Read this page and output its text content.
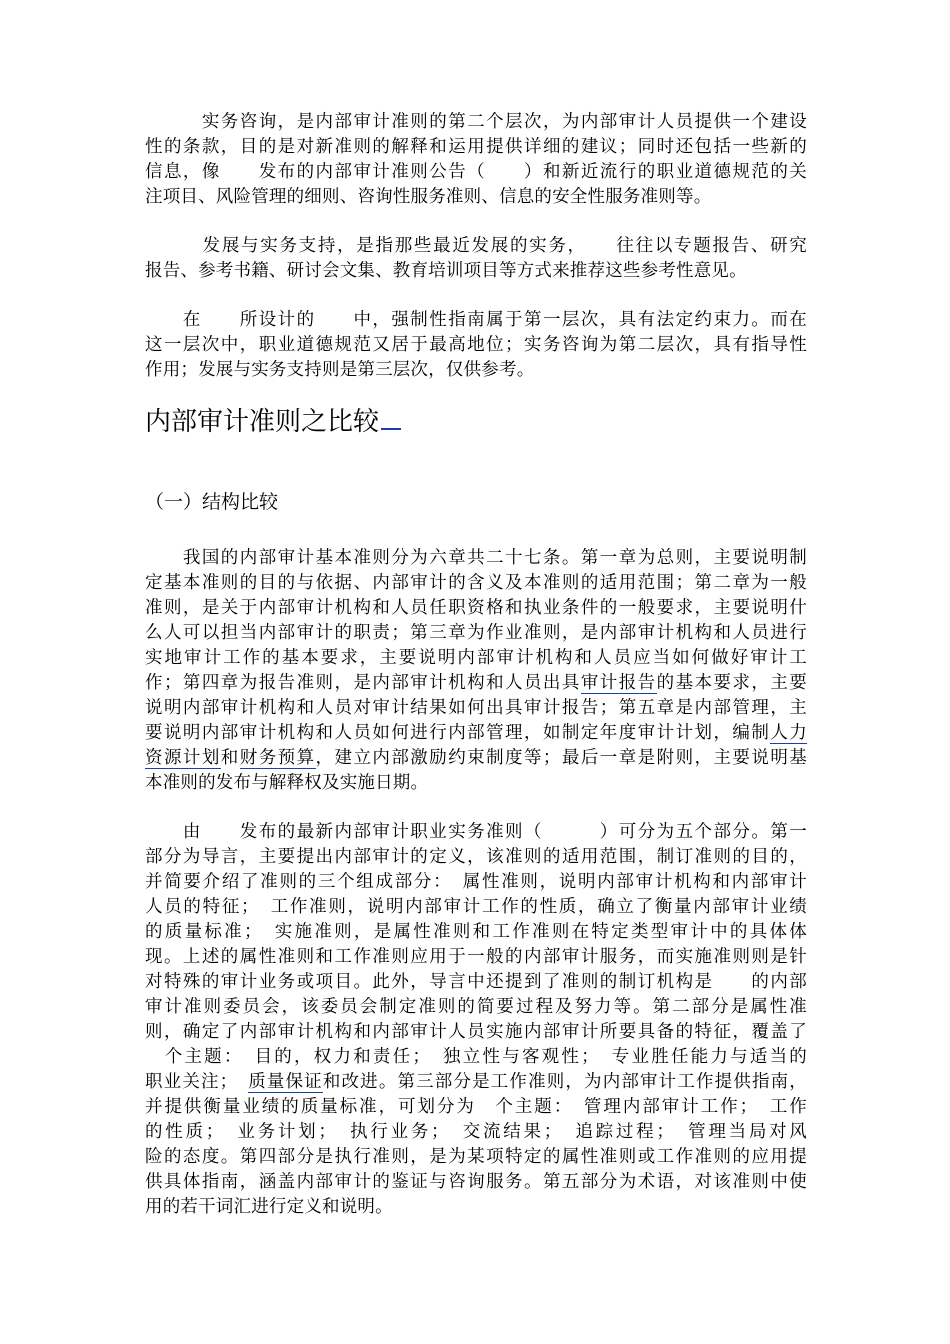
　　　实务咨询，是内部审计准则的第二个层次，为内部审计人员提供一个建设
性的条款，目的是对新准则的解释和运用提供详细的建议；同时还包括一些新的
信息，像　　发布的内部审计准则公告（　　）和新近流行的职业道德规范的关
注项目、风险管理的细则、咨询性服务准则、信息的安全性服务准则等。
　　　发展与实务支持，是指那些最近发展的实务，　　往往以专题报告、研究
报告、参考书籍、研讨会文集、教育培训项目等方式来推荐这些参考性意见。
　　在　　所设计的　　中，强制性指南属于第一层次，具有法定约束力。而在
这一层次中，职业道德规范又居于最高地位；实务咨询为第二层次，具有指导性
作用；发展与实务支持则是第三层次，仅供参考。
内部审计准则之比较
（一）结构比较
　　我国的内部审计基本准则分为六章共二十七条。第一章为总则，主要说明制
定基本准则的目的与依据、内部审计的含义及本准则的适用范围；第二章为一般
准则，是关于内部审计机构和人员任职资格和执业条件的一般要求，主要说明什
么人可以担当内部审计的职责；第三章为作业准则，是内部审计机构和人员进行
实地审计工作的基本要求，主要说明内部审计机构和人员应当如何做好审计工
作；第四章为报告准则，是内部审计机构和人员出具审计报告的基本要求，主要
说明内部审计机构和人员对审计结果如何出具审计报告；第五章是内部管理，主
要说明内部审计机构和人员如何进行内部管理，如制定年度审计计划，编制人力
资源计划和财务预算，建立内部激励约束制度等；最后一章是附则，主要说明基
本准则的发布与解释权及实施日期。
　　由　　发布的最新内部审计职业实务准则（　　　）可分为五个部分。第一
部分为导言，主要提出内部审计的定义，该准则的适用范围，制订准则的目的，
并简要介绍了准则的三个组成部分：　属性准则，说明内部审计机构和内部审计
人员的特征；　工作准则，说明内部审计工作的性质，确立了衡量内部审计业绩
的质量标准；　实施准则，是属性准则和工作准则在特定类型审计中的具体体
现。上述的属性准则和工作准则应用于一般的内部审计服务，而实施准则则是针
对特殊的审计业务或项目。此外，导言中还提到了准则的制订机构是　　的内部
审计准则委员会，该委员会制定准则的简要过程及努力等。第二部分是属性准
则，确定了内部审计机构和内部审计人员实施内部审计所要具备的特征，覆盖了
　个主题：　目的，权力和责任；　独立性与客观性；　专业胜任能力与适当的
职业关注；　质量保证和改进。第三部分是工作准则，为内部审计工作提供指南，
并提供衡量业绩的质量标准，可划分为　个主题：　管理内部审计工作；　工作
的性质；　业务计划；　执行业务；　交流结果；　追踪过程；　管理当局对风
险的态度。第四部分是执行准则，是为某项特定的属性准则或工作准则的应用提
供具体指南，涵盖内部审计的鉴证与咨询服务。第五部分为术语，对该准则中使
用的若干词汇进行定义和说明。
